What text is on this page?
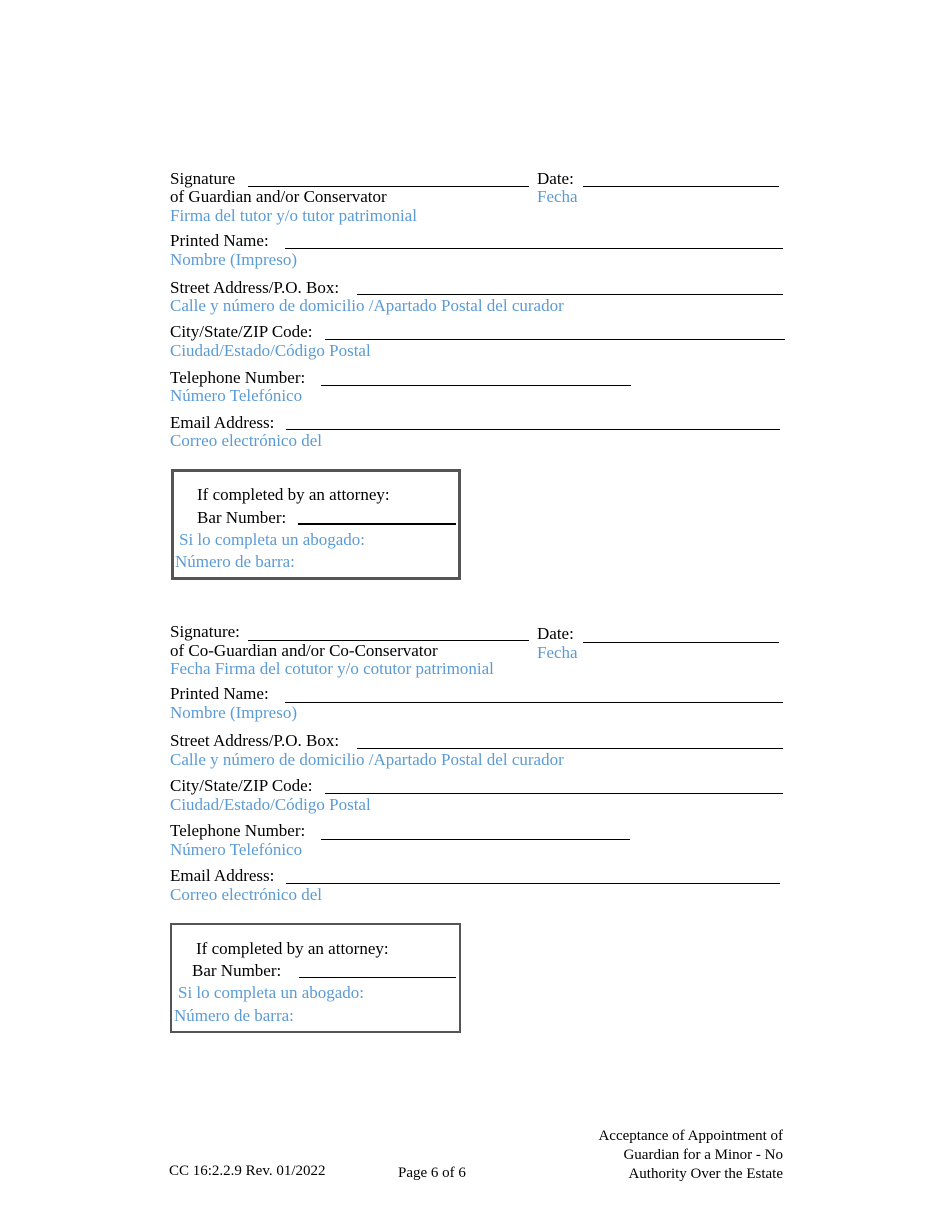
Signature
of Guardian and/or Conservator
Firma del tutor y/o tutor patrimonial
Date:
Fecha
Printed Name:
Nombre (Impreso)
Street Address/P.O. Box:
Calle y número de domicilio /Apartado Postal del curador
City/State/ZIP Code:
Ciudad/Estado/Código Postal
Telephone Number:
Número Telefónico
Email Address:
Correo electrónico del
If completed by an attorney:
Bar Number:
Si lo completa un abogado:
Número de barra:
Signature:
of Co-Guardian and/or Co-Conservator
Fecha Firma del cotutor y/o cotutor patrimonial
Date:
Fecha
Printed Name:
Nombre (Impreso)
Street Address/P.O. Box:
Calle y número de domicilio /Apartado Postal del curador
City/State/ZIP Code:
Ciudad/Estado/Código Postal
Telephone Number:
Número Telefónico
Email Address:
Correo electrónico del
If completed by an attorney:
Bar Number:
Si lo completa un abogado:
Número de barra:
CC 16:2.2.9 Rev. 01/2022	Page 6 of 6
Acceptance of Appointment of
Guardian for a Minor - No
Authority Over the Estate
